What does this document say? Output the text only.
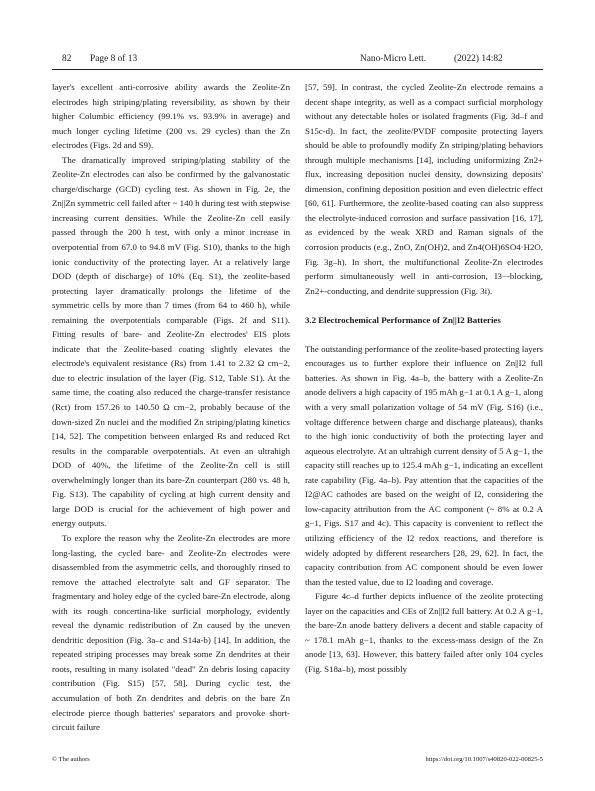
82 Page 8 of 13	Nano-Micro Lett.	(2022) 14:82

layer's excellent anti-corrosive ability awards the Zeolite-Zn electrodes high striping/plating reversibility, as shown by their higher Columbic efficiency (99.1% vs. 93.9% in average) and much longer cycling lifetime (200 vs. 29 cycles) than the Zn electrodes (Figs. 2d and S9).

The dramatically improved striping/plating stability of the Zeolite-Zn electrodes can also be confirmed by the galvanostatic charge/discharge (GCD) cycling test. As shown in Fig. 2e, the Zn||Zn symmetric cell failed after ~ 140 h during test with stepwise increasing current densities. While the Zeolite-Zn cell easily passed through the 200 h test, with only a minor increase in overpotential from 67.0 to 94.8 mV (Fig. S10), thanks to the high ionic conductivity of the protecting layer. At a relatively large DOD (depth of discharge) of 10% (Eq. S1), the zeolite-based protecting layer dramatically prolongs the lifetime of the symmetric cells by more than 7 times (from 64 to 460 h), while remaining the overpotentials comparable (Figs. 2f and S11). Fitting results of bare- and Zeolite-Zn electrodes' EIS plots indicate that the Zeolite-based coating slightly elevates the electrode's equivalent resistance (Rs) from 1.41 to 2.32 Ω cm−2, due to electric insulation of the layer (Fig. S12, Table S1). At the same time, the coating also reduced the charge-transfer resistance (Rct) from 157.26 to 140.50 Ω cm−2, probably because of the down-sized Zn nuclei and the modified Zn striping/plating kinetics [14, 52]. The competition between enlarged Rs and reduced Rct results in the comparable overpotentials. At even an ultrahigh DOD of 40%, the lifetime of the Zeolite-Zn cell is still overwhelmingly longer than its bare-Zn counterpart (280 vs. 48 h, Fig. S13). The capability of cycling at high current density and large DOD is crucial for the achievement of high power and energy outputs.

To explore the reason why the Zeolite-Zn electrodes are more long-lasting, the cycled bare- and Zeolite-Zn electrodes were disassembled from the asymmetric cells, and thoroughly rinsed to remove the attached electrolyte salt and GF separator. The fragmentary and holey edge of the cycled bare-Zn electrode, along with its rough concertina-like surficial morphology, evidently reveal the dynamic redistribution of Zn caused by the uneven dendritic deposition (Fig. 3a–c and S14a-b) [14]. In addition, the repeated striping processes may break some Zn dendrites at their roots, resulting in many isolated "dead" Zn debris losing capacity contribution (Fig. S15) [57, 58]. During cyclic test, the accumulation of both Zn dendrites and debris on the bare Zn electrode pierce though batteries' separators and provoke short-circuit failure

[57, 59]. In contrast, the cycled Zeolite-Zn electrode remains a decent shape integrity, as well as a compact surficial morphology without any detectable holes or isolated fragments (Fig. 3d–f and S15c-d). In fact, the zeolite/PVDF composite protecting layers should be able to profoundly modify Zn striping/plating behaviors through multiple mechanisms [14], including uniformizing Zn2+ flux, increasing deposition nuclei density, downsizing deposits' dimension, confining deposition position and even dielectric effect [60, 61]. Furthermore, the zeolite-based coating can also suppress the electrolyte-induced corrosion and surface passivation [16, 17], as evidenced by the weak XRD and Raman signals of the corrosion products (e.g., ZnO, Zn(OH)2, and Zn4(OH)6SO4·H2O, Fig. 3g–h). In short, the multifunctional Zeolite-Zn electrodes perform simultaneously well in anti-corrosion, I3−-blocking, Zn2+-conducting, and dendrite suppression (Fig. 3i).

3.2 Electrochemical Performance of Zn||I2 Batteries

The outstanding performance of the zeolite-based protecting layers encourages us to further explore their influence on Zn||I2 full batteries. As shown in Fig. 4a–b, the battery with a Zeolite-Zn anode delivers a high capacity of 195 mAh g−1 at 0.1 A g−1, along with a very small polarization voltage of 54 mV (Fig. S16) (i.e., voltage difference between charge and discharge plateaus), thanks to the high ionic conductivity of both the protecting layer and aqueous electrolyte. At an ultrahigh current density of 5 A g−1, the capacity still reaches up to 125.4 mAh g−1, indicating an excellent rate capability (Fig. 4a–b). Pay attention that the capacities of the I2@AC cathodes are based on the weight of I2, considering the low-capacity attribution from the AC component (~ 8% at 0.2 A g−1, Figs. S17 and 4c). This capacity is convenient to reflect the utilizing efficiency of the I2 redox reactions, and therefore is widely adopted by different researchers [28, 29, 62]. In fact, the capacity contribution from AC component should be even lower than the tested value, due to I2 loading and coverage.

Figure 4c–d further depicts influence of the zeolite protecting layer on the capacities and CEs of Zn||I2 full battery. At 0.2 A g−1, the bare-Zn anode battery delivers a decent and stable capacity of ~ 178.1 mAh g−1, thanks to the excess-mass design of the Zn anode [13, 63]. However, this battery failed after only 104 cycles (Fig. S18a–b), most possibly

© The authors	https://doi.org/10.1007/s40820-022-00825-5
